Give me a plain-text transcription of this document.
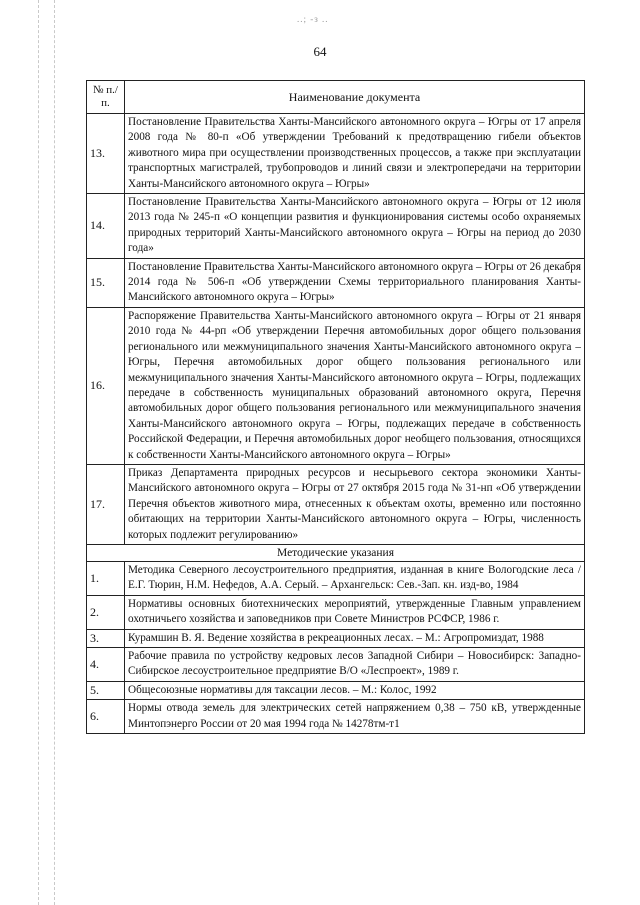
..; -з ..
64
№ п./п.	Наименование документа
13.	Постановление Правительства Ханты-Мансийского автономного округа – Югры от 17 апреля 2008 года № 80-п «Об утверждении Требований к предотвращению гибели объектов животного мира при осуществлении производственных процессов, а также при эксплуатации транспортных магистралей, трубопроводов и линий связи и электропередачи на территории Ханты-Мансийского автономного округа – Югры»
14.	Постановление Правительства Ханты-Мансийского автономного округа – Югры от 12 июля 2013 года № 245-п «О концепции развития и функционирования системы особо охраняемых природных территорий Ханты-Мансийского автономного округа – Югры на период до 2030 года»
15.	Постановление Правительства Ханты-Мансийского автономного округа – Югры от 26 декабря 2014 года № 506-п «Об утверждении Схемы территориального планирования Ханты-Мансийского автономного округа – Югры»
16.	Распоряжение Правительства Ханты-Мансийского автономного округа – Югры от 21 января 2010 года № 44-рп «Об утверждении Перечня автомобильных дорог общего пользования регионального или межмуниципального значения Ханты-Мансийского автономного округа – Югры, Перечня автомобильных дорог общего пользования регионального или межмуниципального значения Ханты-Мансийского автономного округа – Югры, подлежащих передаче в собственность муниципальных образований автономного округа, Перечня автомобильных дорог общего пользования регионального или межмуниципального значения Ханты-Мансийского автономного округа – Югры, подлежащих передаче в собственность Российской Федерации, и Перечня автомобильных дорог необщего пользования, относящихся к собственности Ханты-Мансийского автономного округа – Югры»
17.	Приказ Департамента природных ресурсов и несырьевого сектора экономики Ханты-Мансийского автономного округа – Югры от 27 октября 2015 года № 31-нп «Об утверждении Перечня объектов животного мира, отнесенных к объектам охоты, временно или постоянно обитающих на территории Ханты-Мансийского автономного округа – Югры, численность которых подлежит регулированию»
Методические указания	
1.	Методика Северного лесоустроительного предприятия, изданная в книге Вологодские леса / Е.Г. Тюрин, Н.М. Нефедов, А.А. Серый. – Архангельск: Сев.-Зап. кн. изд-во, 1984
2.	Нормативы основных биотехнических мероприятий, утвержденные Главным управлением охотничьего хозяйства и заповедников при Совете Министров РСФСР, 1986 г.
3.	Курамшин В. Я. Ведение хозяйства в рекреационных лесах. – М.: Агропромиздат, 1988
4.	Рабочие правила по устройству кедровых лесов Западной Сибири – Новосибирск: Западно-Сибирское лесоустроительное предприятие В/О «Леспроект», 1989 г.
5.	Общесоюзные нормативы для таксации лесов. – М.: Колос, 1992
6.	Нормы отвода земель для электрических сетей напряжением 0,38 – 750 кВ, утвержденные Минтопэнерго России от 20 мая 1994 года № 14278тм-т1
